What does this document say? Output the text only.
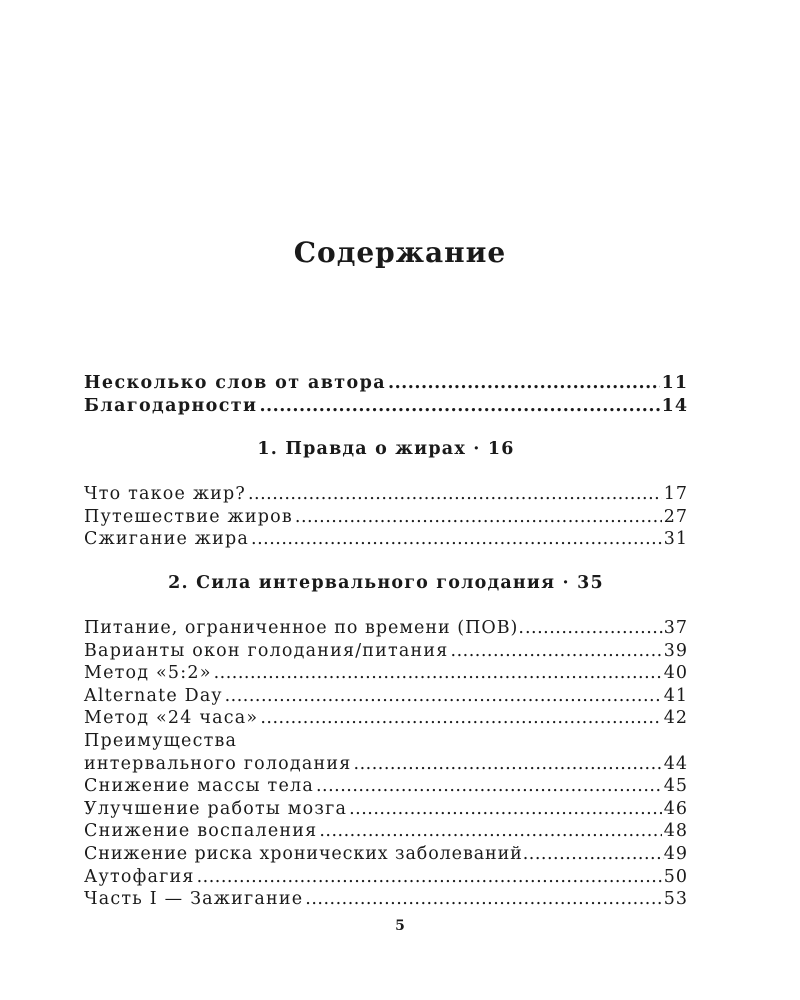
Содержание
Несколько слов от автора .....	11
Благодарности .....	14
1. Правда о жирах · 16
Что такое жир? .....	17
Путешествие жиров .....	27
Сжигание жира .....	31
2. Сила интервального голодания · 35
Питание, ограниченное по времени (ПОВ). .....	37
Варианты окон голодания/питания .....	39
Метод «5:2» .....	40
Alternate Day .....	41
Метод «24 часа» .....	42
Преимущества
интервального голодания .....	44
Снижение массы тела .....	45
Улучшение работы мозга .....	46
Снижение воспаления .....	48
Снижение риска хронических заболеваний .....	49
Аутофагия .....	50
Часть I — Зажигание .....	53
5
